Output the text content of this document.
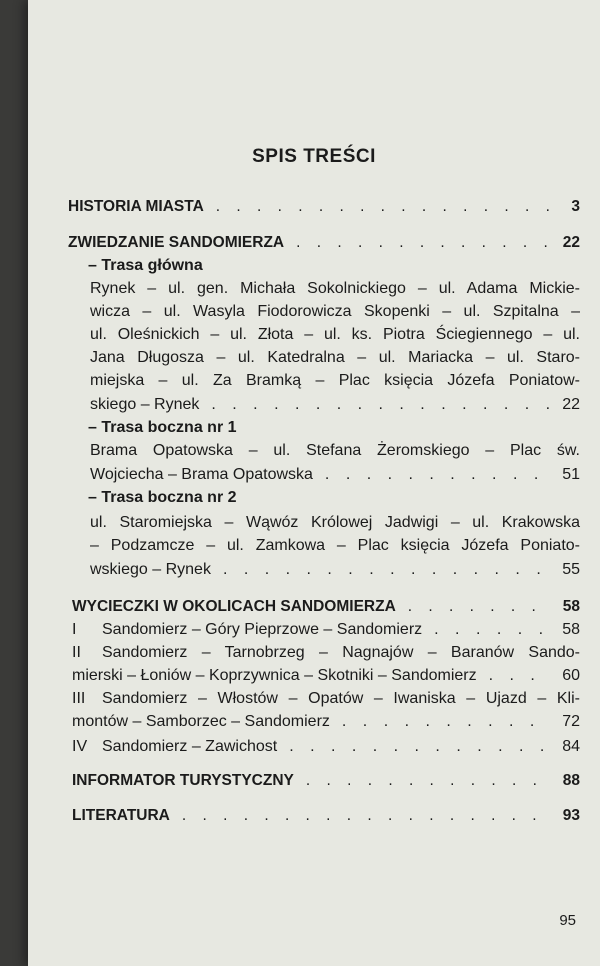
SPIS TREŚCI
HISTORIA MIASTA . . .	3
ZWIEDZANIE SANDOMIERZA . . .	22
– Trasa główna
Rynek – ul. gen. Michała Sokolnickiego – ul. Adama Mickie-
wicza – ul. Wasyla Fiodorowicza Skopenki – ul. Szpitalna –
ul. Oleśnickich – ul. Złota – ul. ks. Piotra Ściegiennego – ul.
Jana Długosza – ul. Katedralna – ul. Mariacka – ul. Staro-
miejska – ul. Za Bramką – Plac księcia Józefa Poniatow-
skiego – Rynek . . .	22
– Trasa boczna nr 1
Brama Opatowska – ul. Stefana Żeromskiego – Plac św.
Wojciecha – Brama Opatowska . . .	51
– Trasa boczna nr 2
ul. Staromiejska – Wąwóz Królowej Jadwigi – ul. Krakowska
– Podzamcze – ul. Zamkowa – Plac księcia Józefa Poniato-
wskiego – Rynek . . .	55
WYCIECZKI W OKOLICACH SANDOMIERZA . . .	58
I	Sandomierz – Góry Pieprzowe – Sandomierz . . .	58
II	Sandomierz – Tarnobrzeg – Nagnajów – Baranów Sando-
mierski – Łoniów – Koprzywnica – Skotniki – Sandomierz . . .	60
III	Sandomierz – Włostów – Opatów – Iwaniska – Ujazd – Kli-
montów – Samborzec – Sandomierz . . .	72
IV Sandomierz – Zawichost . . .	84
INFORMATOR TURYSTYCZNY . . .	88
LITERATURA . . .	93
95
